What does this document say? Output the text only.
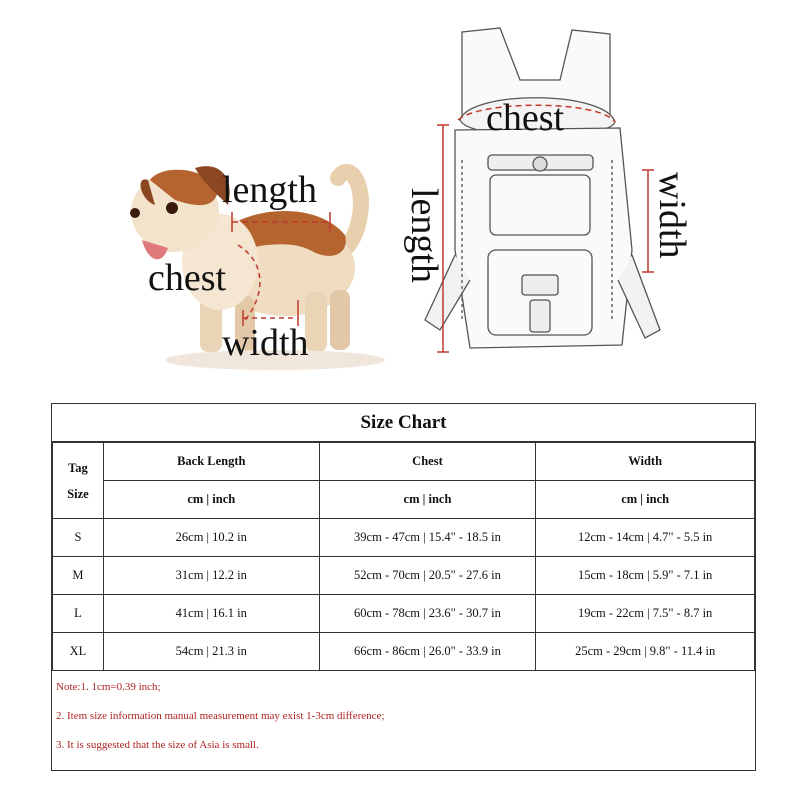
length
chest
width
chest
length	width
Size Chart
Tag
Size	Back Length	Chest	Width
	cm | inch	cm | inch	cm | inch
S	26cm | 10.2 in	39cm - 47cm | 15.4" - 18.5 in	12cm - 14cm | 4.7" - 5.5 in
M	31cm | 12.2 in	52cm - 70cm | 20.5" - 27.6 in	15cm - 18cm | 5.9" - 7.1 in
L	41cm | 16.1 in	60cm - 78cm | 23.6" - 30.7 in	19cm - 22cm | 7.5" - 8.7 in
XL	54cm | 21.3 in	66cm - 86cm | 26.0" - 33.9 in	25cm - 29cm | 9.8" - 11.4 in
Note:1. 1cm=0.39 inch;
2. Item size information manual measurement may exist 1-3cm difference;
3. It is suggested that the size of Asia is small.
